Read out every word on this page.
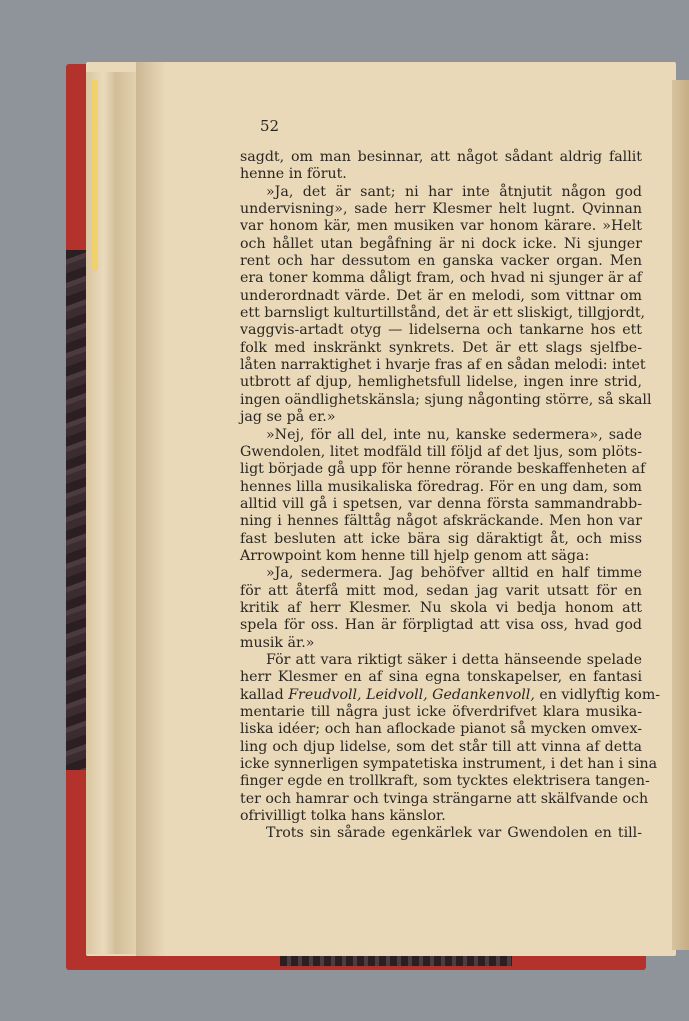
52
sagdt, om man besinnar, att något sådant aldrig fallit
henne in förut.
»Ja, det är sant; ni har inte åtnjutit någon god
undervisning», sade herr Klesmer helt lugnt. Qvinnan
var honom kär, men musiken var honom kärare. »Helt
och hållet utan begåfning är ni dock icke. Ni sjunger
rent och har dessutom en ganska vacker organ. Men
era toner komma dåligt fram, och hvad ni sjunger är af
underordnadt värde. Det är en melodi, som vittnar om
ett barnsligt kulturtillstånd, det är ett sliskigt, tillgjordt,
vaggvis-artadt otyg — lidelserna och tankarne hos ett
folk med inskränkt synkrets. Det är ett slags sjelfbe-
låten narraktighet i hvarje fras af en sådan melodi: intet
utbrott af djup, hemlighetsfull lidelse, ingen inre strid,
ingen oändlighetskänsla; sjung någonting större, så skall
jag se på er.»
»Nej, för all del, inte nu, kanske sedermera», sade
Gwendolen, litet modfäld till följd af det ljus, som plöts-
ligt började gå upp för henne rörande beskaffenheten af
hennes lilla musikaliska föredrag. För en ung dam, som
alltid vill gå i spetsen, var denna första sammandrabb-
ning i hennes fälttåg något afskräckande. Men hon var
fast besluten att icke bära sig däraktigt åt, och miss
Arrowpoint kom henne till hjelp genom att säga:
»Ja, sedermera. Jag behöfver alltid en half timme
för att återfå mitt mod, sedan jag varit utsatt för en
kritik af herr Klesmer. Nu skola vi bedja honom att
spela för oss. Han är förpligtad att visa oss, hvad god
musik är.»
För att vara riktigt säker i detta hänseende spelade
herr Klesmer en af sina egna tonskapelser, en fantasi
kallad Freudvoll, Leidvoll, Gedankenvoll, en vidlyftig kom-
mentarie till några just icke öfverdrifvet klara musika-
liska idéer; och han aflockade pianot så mycken omvex-
ling och djup lidelse, som det står till att vinna af detta
icke synnerligen sympatetiska instrument, i det han i sina
finger egde en trollkraft, som tycktes elektrisera tangen-
ter och hamrar och tvinga strängarne att skälfvande och
ofrivilligt tolka hans känslor.
Trots sin sårade egenkärlek var Gwendolen en till-
